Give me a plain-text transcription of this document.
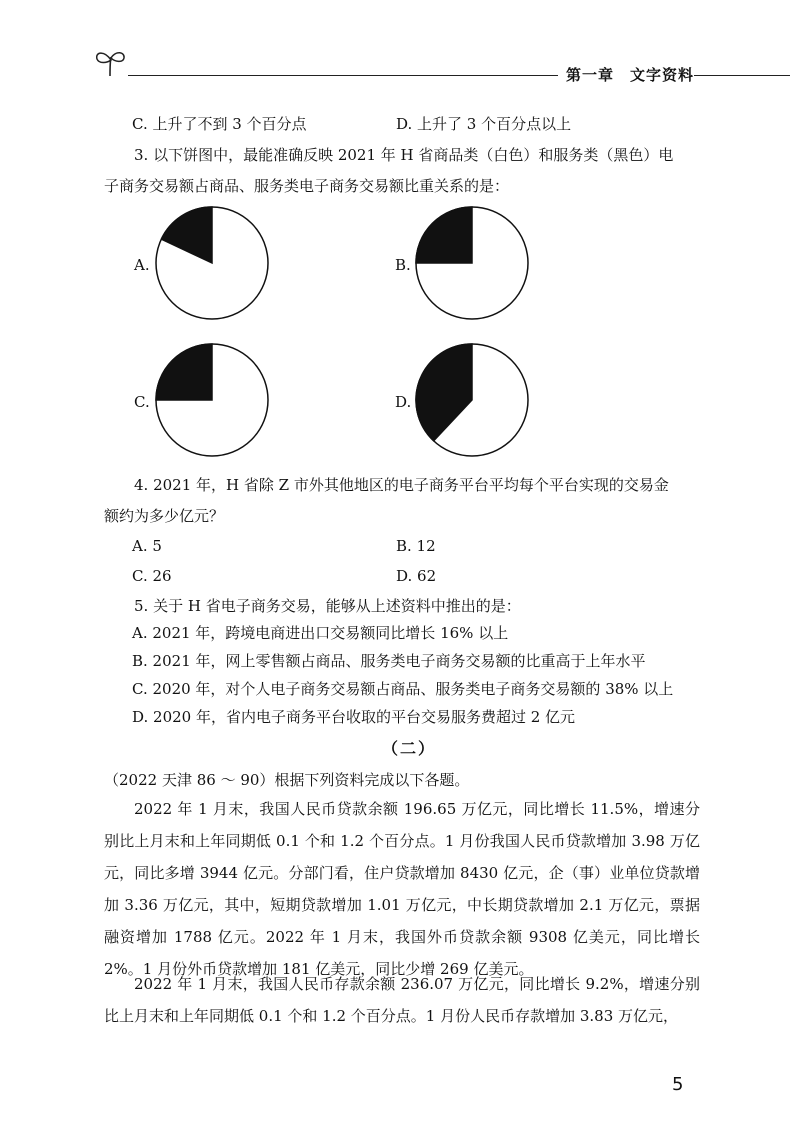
第一章　文字资料
C. 上升了不到 3 个百分点	D. 上升了 3 个百分点以上
3. 以下饼图中，最能准确反映 2021 年 H 省商品类（白色）和服务类（黑色）电
子商务交易额占商品、服务类电子商务交易额比重关系的是：
A.	B.
C.	D.
4. 2021 年，H 省除 Z 市外其他地区的电子商务平台平均每个平台实现的交易金
额约为多少亿元？
A. 5	B. 12
C. 26	D. 62
5. 关于 H 省电子商务交易，能够从上述资料中推出的是：
A. 2021 年，跨境电商进出口交易额同比增长 16% 以上
B. 2021 年，网上零售额占商品、服务类电子商务交易额的比重高于上年水平
C. 2020 年，对个人电子商务交易额占商品、服务类电子商务交易额的 38% 以上
D. 2020 年，省内电子商务平台收取的平台交易服务费超过 2 亿元
（二）
（2022 天津 86 ～ 90）根据下列资料完成以下各题。
2022 年 1 月末，我国人民币贷款余额 196.65 万亿元，同比增长 11.5%，增速分别比上月末和上年同期低 0.1 个和 1.2 个百分点。1 月份我国人民币贷款增加 3.98 万亿元，同比多增 3944 亿元。分部门看，住户贷款增加 8430 亿元，企（事）业单位贷款增加 3.36 万亿元，其中，短期贷款增加 1.01 万亿元，中长期贷款增加 2.1 万亿元，票据融资增加 1788 亿元。2022 年 1 月末，我国外币贷款余额 9308 亿美元，同比增长 2%。1 月份外币贷款增加 181 亿美元，同比少增 269 亿美元。
2022 年 1 月末，我国人民币存款余额 236.07 万亿元，同比增长 9.2%，增速分别比上月末和上年同期低 0.1 个和 1.2 个百分点。1 月份人民币存款增加 3.83 万亿元，
5
